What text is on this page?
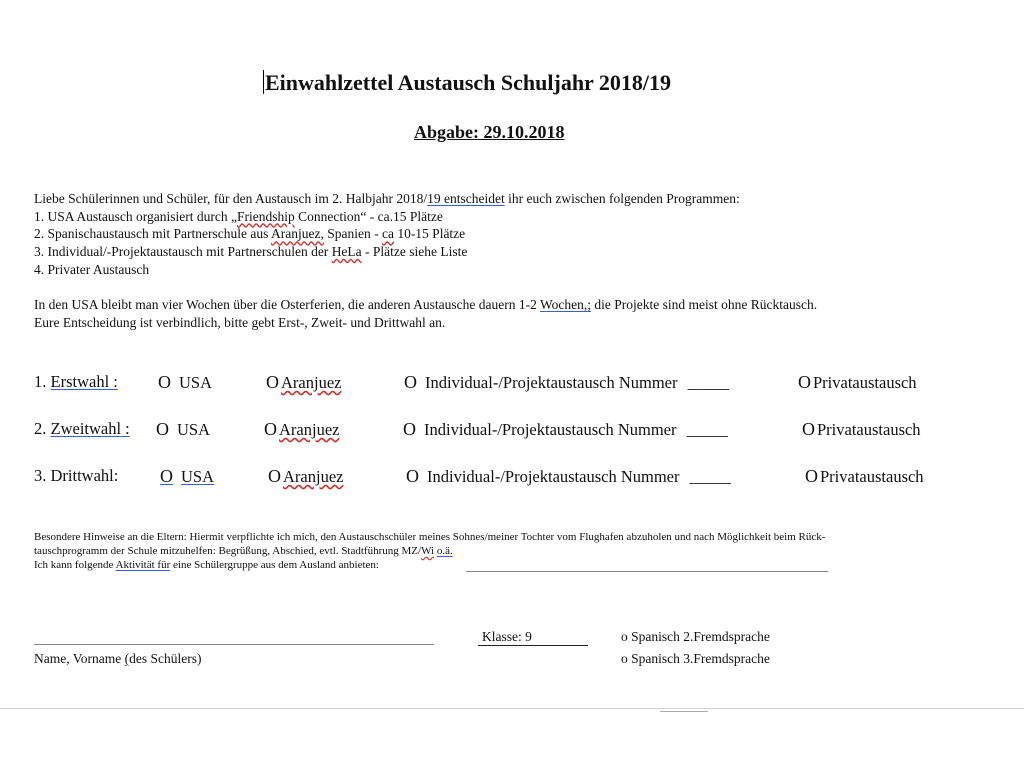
Einwahlzettel Austausch Schuljahr 2018/19
Abgabe: 29.10.2018
Liebe Schülerinnen und Schüler, für den Austausch im 2. Halbjahr 2018/19 entscheidet ihr euch zwischen folgenden Programmen:
1. USA Austausch organisiert durch „Friendship Connection“ - ca.15 Plätze
2. Spanischaustausch mit Partnerschule aus Aranjuez, Spanien - ca 10-15 Plätze
3. Individual/-Projektaustausch mit Partnerschulen der HeLa - Plätze siehe Liste
4. Privater Austausch
In den USA bleibt man vier Wochen über die Osterferien, die anderen Austausche dauern 1-2 Wochen,; die Projekte sind meist ohne Rücktausch.
Eure Entscheidung ist verbindlich, bitte gebt Erst-, Zweit- und Drittwahl an.
1. Erstwahl : O USA	O Aranjuez	O Individual-/Projektaustausch Nummer _____	O Privataustausch
2. Zweitwahl : O USA	O Aranjuez	O Individual-/Projektaustausch Nummer _____	O Privataustausch
3. Drittwahl: O USA	O Aranjuez	O Individual-/Projektaustausch Nummer _____	O Privataustausch
Besondere Hinweise an die Eltern: Hiermit verpflichte ich mich, den Austauschschüler meines Sohnes/meiner Tochter vom Flughafen abzuholen und nach Möglichkeit beim Rück-
tauschprogramm der Schule mitzuhelfen: Begrüßung, Abschied, evtl. Stadtführung MZ/Wi o.ä.
Ich kann folgende Aktivität für eine Schülergruppe aus dem Ausland anbieten:
Name, Vorname (des Schülers)
Klasse: 9	o Spanisch 2.Fremdsprache
o Spanisch 3.Fremdsprache
